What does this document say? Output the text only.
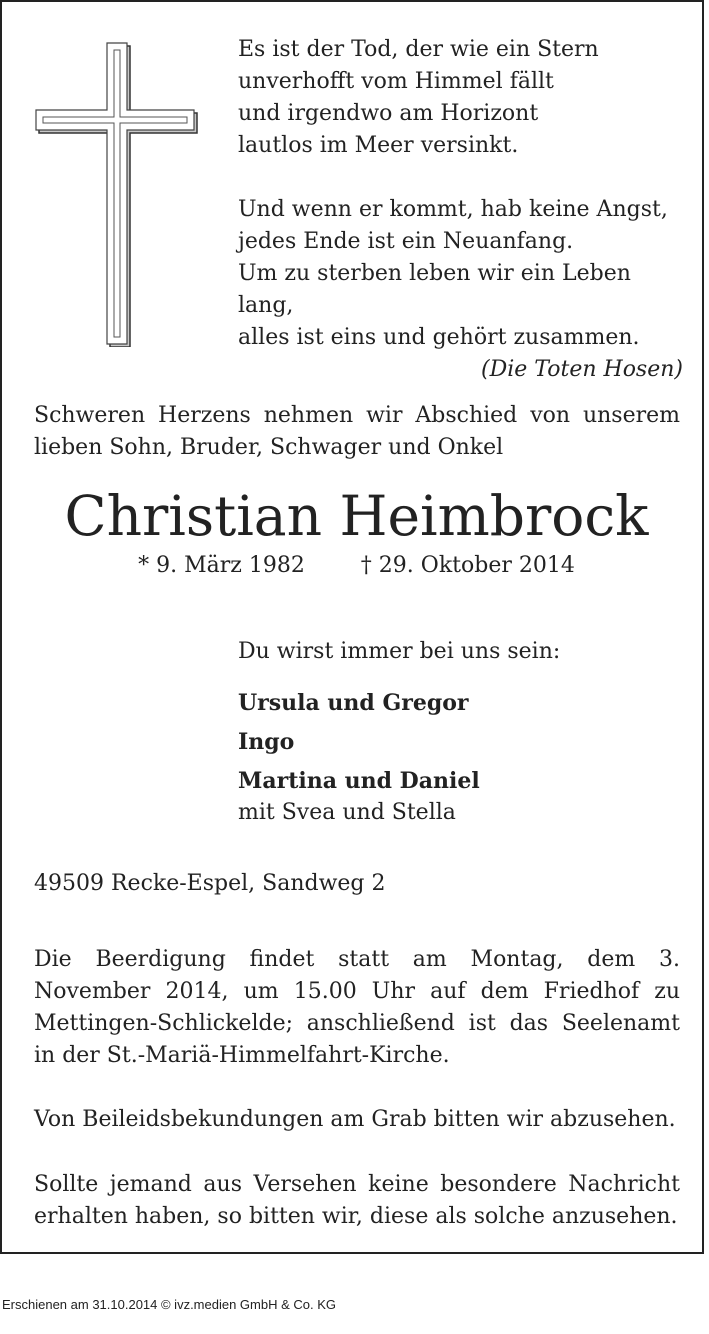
Es ist der Tod, der wie ein Stern

unverhofft vom Himmel fällt

und irgendwo am Horizont

lautlos im Meer versinkt.

Und wenn er kommt, hab keine Angst,

jedes Ende ist ein Neuanfang.

Um zu sterben leben wir ein Leben lang,

alles ist eins und gehört zusammen.

(Die Toten Hosen)

Schweren Herzens nehmen wir Abschied von unserem lieben Sohn, Bruder, Schwager und Onkel
Christian Heimbrock
* 9. März 1982        † 29. Oktober 2014
Du wirst immer bei uns sein:
Ursula und Gregor
Ingo
Martina und Daniel
mit Svea und Stella
49509 Recke-Espel, Sandweg 2
Die Beerdigung findet statt am Montag, dem 3. November 2014, um 15.00 Uhr auf dem Friedhof zu Mettingen-Schlickelde; anschließend ist das Seelenamt in der St.-Mariä-Himmelfahrt-Kirche.
Von Beileidsbekundungen am Grab bitten wir abzusehen.
Sollte jemand aus Versehen keine besondere Nachricht erhalten haben, so bitten wir, diese als solche anzusehen.
Erschienen am 31.10.2014 © ivz.medien GmbH & Co. KG
